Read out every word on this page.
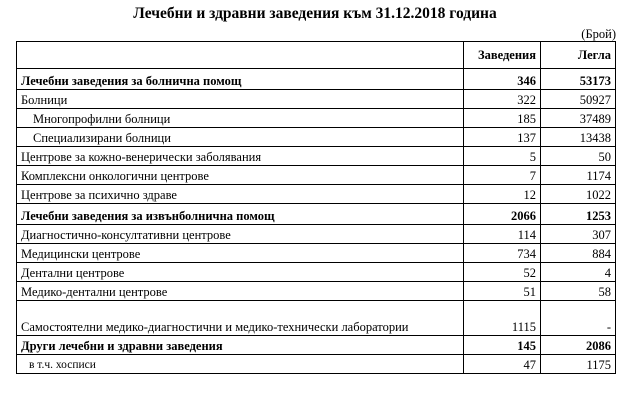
Лечебни и здравни заведения към 31.12.2018 година
(Брой)
	Заведения	Легла
Лечебни заведения за болнична помощ	346	53173
Болници	322	50927
Многопрофилни болници	185	37489
Специализирани болници	137	13438
Центрове за кожно-венерически заболявания	5	50
Комплексни онкологични центрове	7	1174
Центрове за психично здраве	12	1022
Лечебни заведения за извънболнична помощ	2066	1253
Диагностично-консултативни центрове	114	307
Медицински центрове	734	884
Дентални центрове	52	4
Медико-дентални центрове	51	58
Самостоятелни медико-диагностични и медико-технически лаборатории	1115	-
Други лечебни и здравни заведения	145	2086
в т.ч. хосписи	47	1175
